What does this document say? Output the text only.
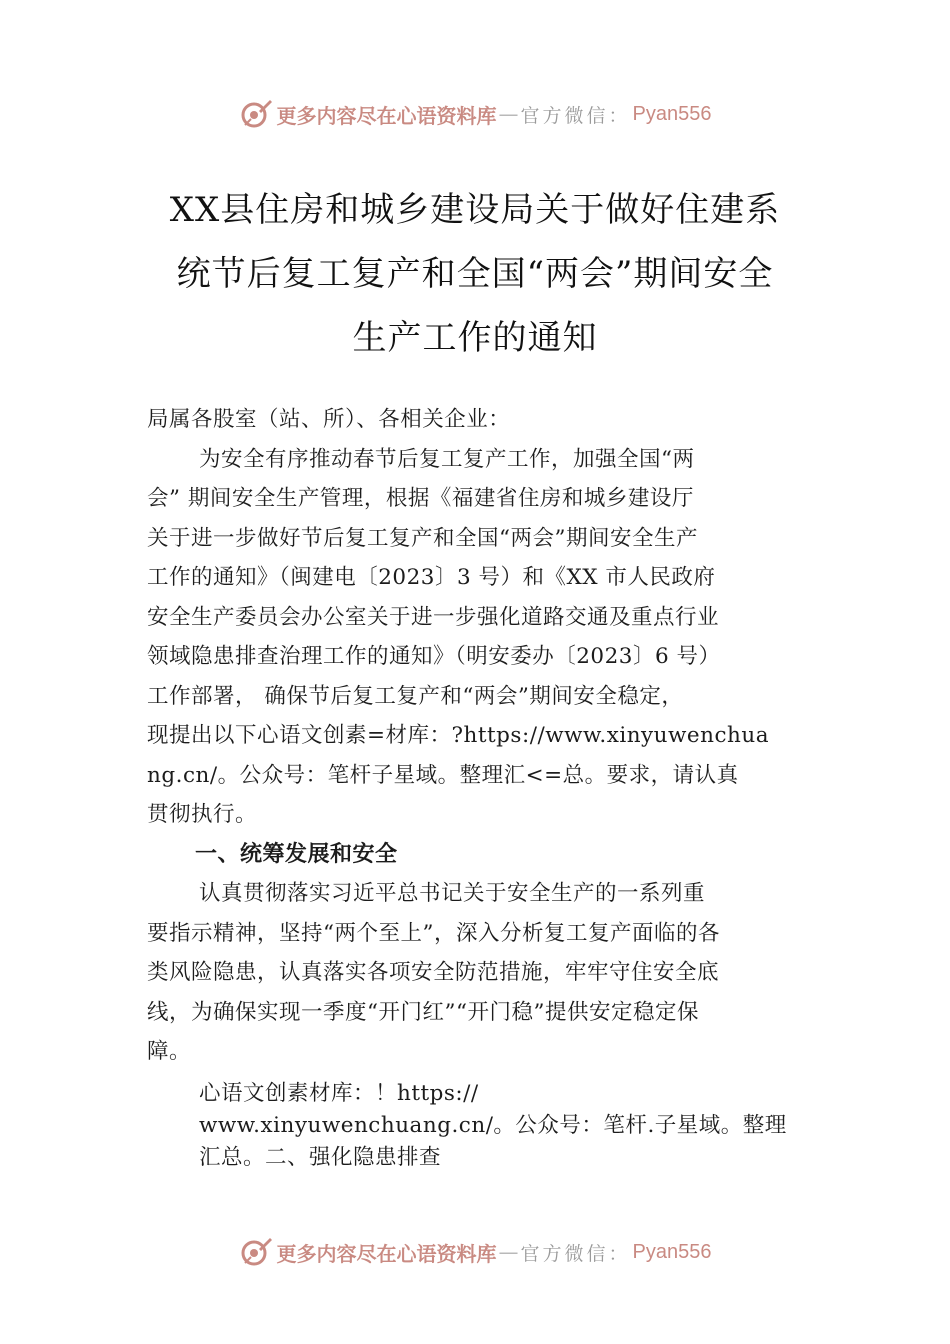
更多内容尽在心语资料库 — 官方微信： Pyan556
XX县住房和城乡建设局关于做好住建系
统节后复工复产和全国“两会”期间安全
生产工作的通知
局属各股室（站、所）、各相关企业：
为安全有序推动春节后复工复产工作，加强全国“两
会” 期间安全生产管理，根据《福建省住房和城乡建设厅
关于进一步做好节后复工复产和全国“两会”期间安全生产
工作的通知》（闽建电〔2023〕3 号）和《XX 市人民政府
安全生产委员会办公室关于进一步强化道路交通及重点行业
领域隐患排查治理工作的通知》（明安委办〔2023〕6 号）
工作部署， 确保节后复工复产和“两会”期间安全稳定，
现提出以下心语文创素=材库：?https://www.xinyuwenchua
ng.cn/。公众号：笔杆子星域。整理汇<=总。要求，请认真
贯彻执行。
一、统筹发展和安全
认真贯彻落实习近平总书记关于安全生产的一系列重
要指示精神，坚持“两个至上”，深入分析复工复产面临的各
类风险隐患，认真落实各项安全防范措施，牢牢守住安全底
线，为确保实现一季度“开门红”“开门稳”提供安定稳定保
障。
心语文创素材库：！https://
www.xinyuwenchuang.cn/。公众号：笔杆.子星域。整理
汇总。二、强化隐患排查
更多内容尽在心语资料库 — 官方微信： Pyan556
